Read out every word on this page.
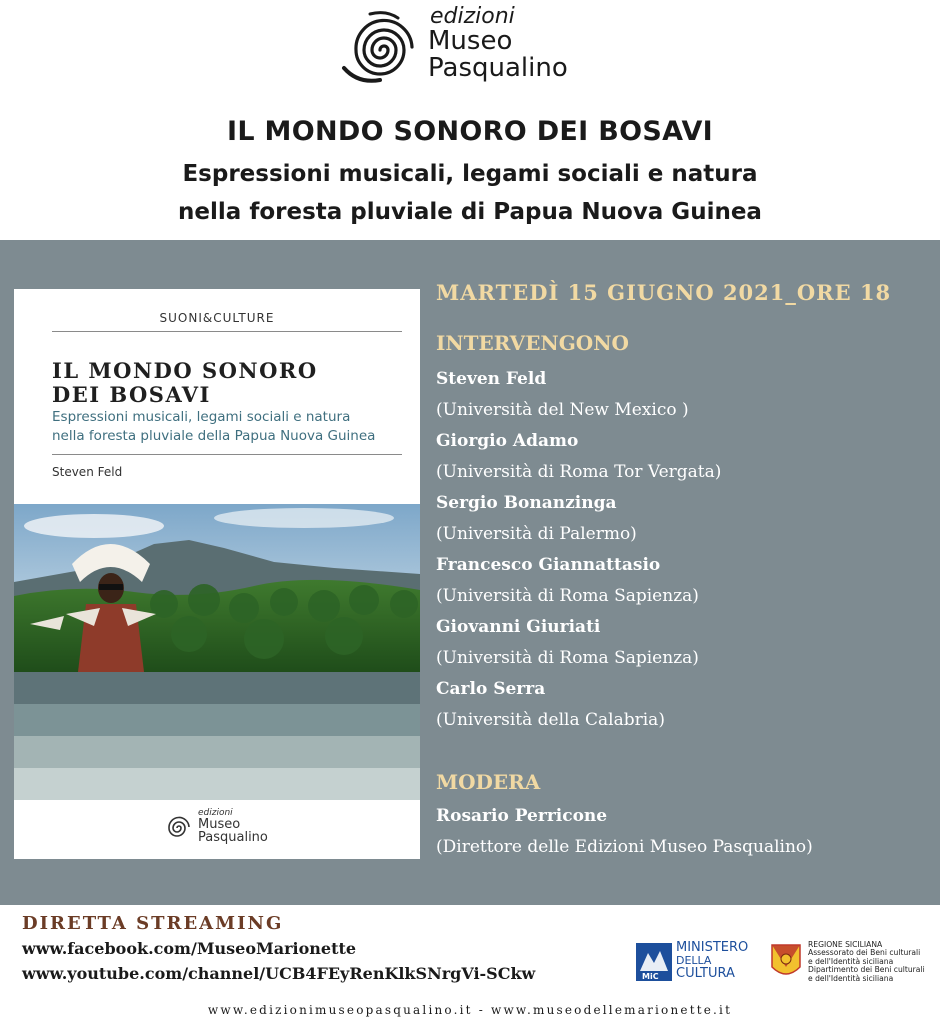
edizioni
Museo
Pasqualino
IL MONDO SONORO DEI BOSAVI
Espressioni musicali, legami sociali e natura
nella foresta pluviale di Papua Nuova Guinea
SUONI&CULTURE
IL MONDO SONORO
DEI BOSAVI
Espressioni musicali, legami sociali e natura
nella foresta pluviale della Papua Nuova Guinea
Steven Feld
edizioni
Museo
Pasqualino
MARTEDÌ 15 GIUGNO 2021_ORE 18
INTERVENGONO
Steven Feld
(Università del New Mexico )
Giorgio Adamo
(Università di Roma Tor Vergata)
Sergio Bonanzinga
(Università di Palermo)
Francesco Giannattasio
(Università di Roma Sapienza)
Giovanni Giuriati
(Università di Roma Sapienza)
Carlo Serra
(Università della Calabria)
MODERA
Rosario Perricone
(Direttore delle Edizioni Museo Pasqualino)
DIRETTA STREAMING
www.facebook.com/MuseoMarionette
www.youtube.com/channel/UCB4FEyRenKlkSNrgVi-SCkw	MiC
MINISTERO
DELLA
CULTURA
REGIONE SICILIANA
Assessorato dei Beni culturali
e dell'Identità siciliana
Dipartimento dei Beni culturali
e dell'Identità siciliana
www.edizionimuseopasqualino.it - www.museodellemarionette.it
